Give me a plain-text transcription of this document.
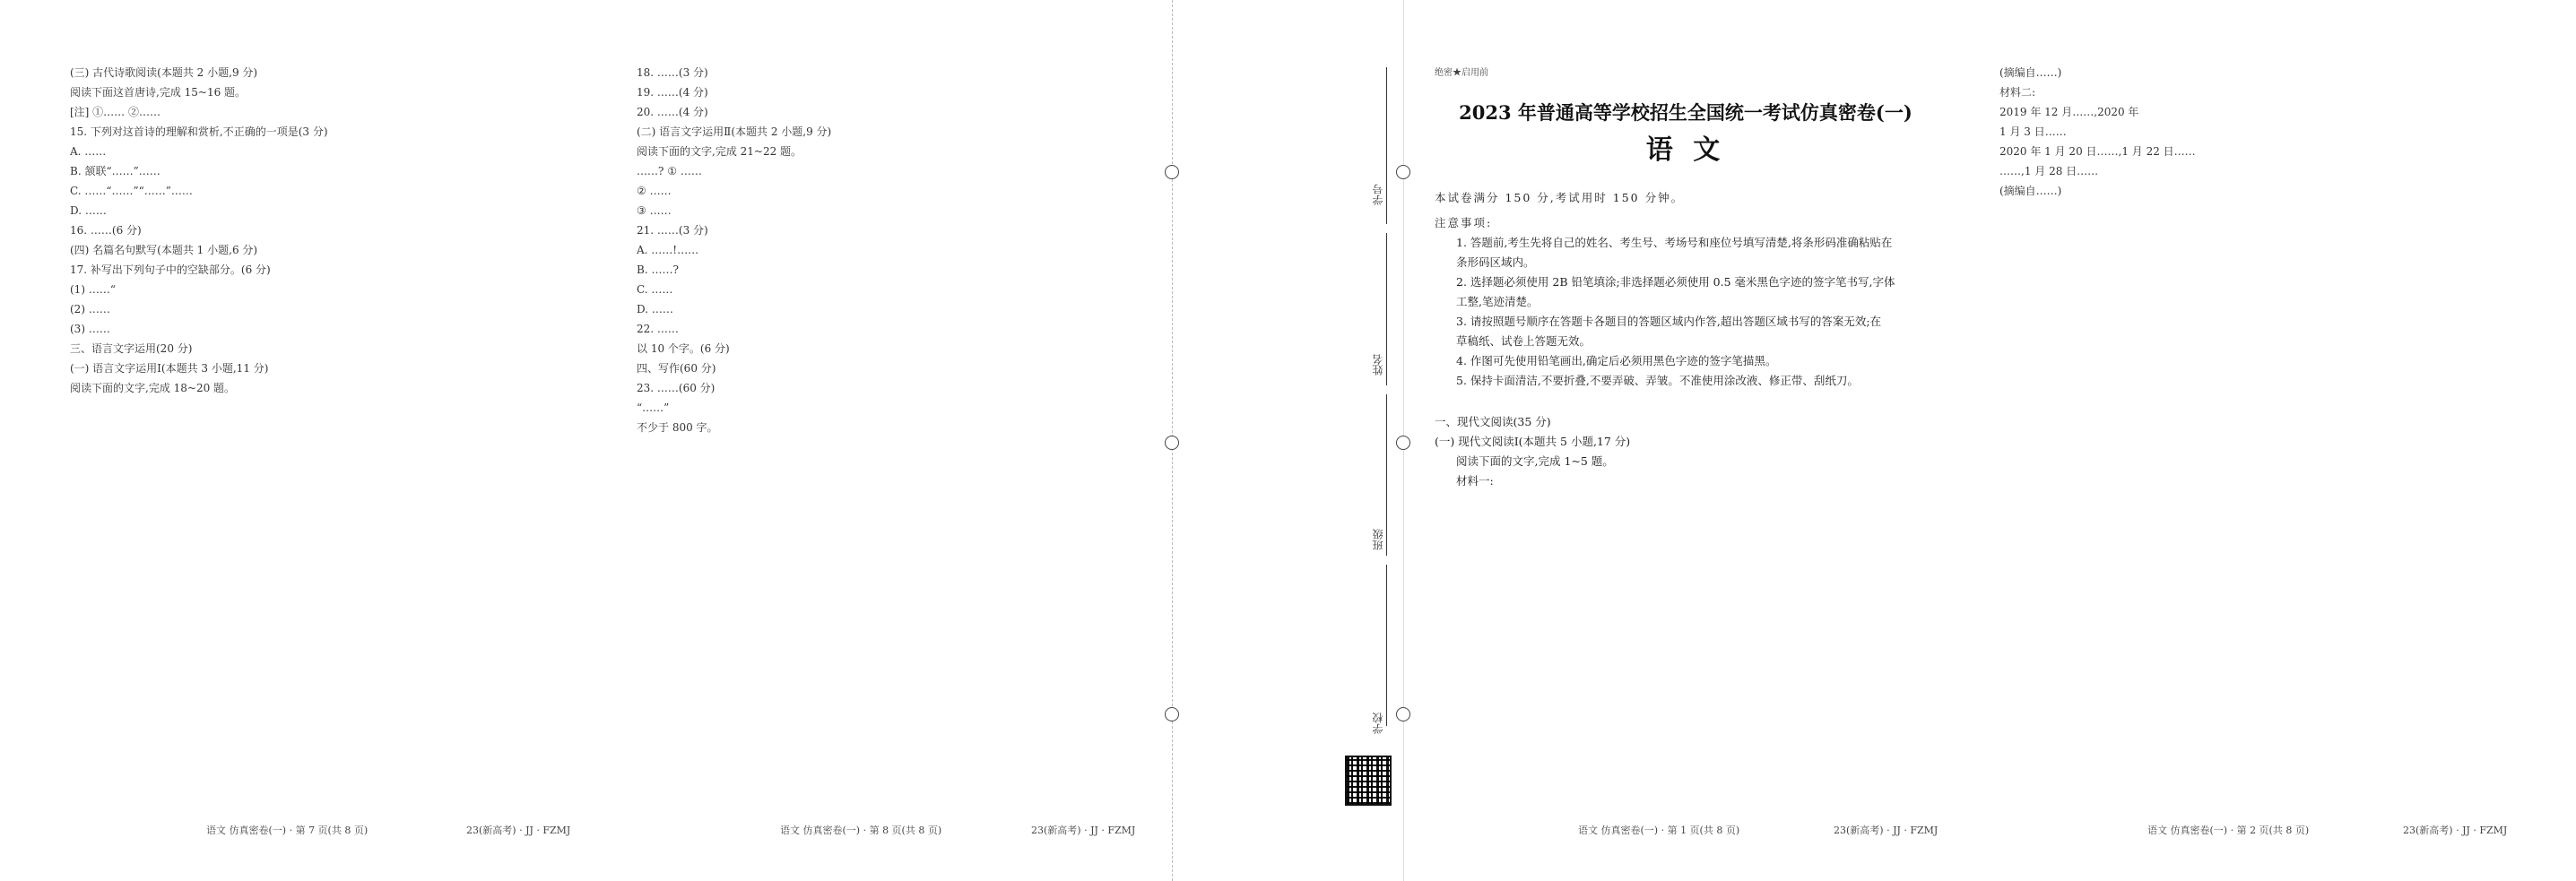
(三) 古代诗歌阅读(本题共 2 小题,9 分)
阅读下面这首唐诗,完成 15~16 题。
[注] ①…… ②……
15. 下列对这首诗的理解和赏析,不正确的一项是(3 分)
A. ……
B. 颔联“……”……
C. ……“……”“……”……
D. ……
16. ……(6 分)
(四) 名篇名句默写(本题共 1 小题,6 分)
17. 补写出下列句子中的空缺部分。(6 分)
(1) ……“
(2) ……
(3) ……
三、语言文字运用(20 分)
(一) 语言文字运用Ⅰ(本题共 3 小题,11 分)
阅读下面的文字,完成 18~20 题。
语文 仿真密卷(一) · 第 7 页(共 8 页)	23(新高考) · JJ · FZMJ
18. ……(3 分)
19. ……(4 分)
20. ……(4 分)
(二) 语言文字运用Ⅱ(本题共 2 小题,9 分)
阅读下面的文字,完成 21~22 题。
……? ① ……
② ……
③ ……
21. ……(3 分)
A. ……!……
B. ……?
C. ……
D. ……
22. ……
以 10 个字。(6 分)
四、写作(60 分)
23. ……(60 分)
“……”
不少于 800 字。
语文 仿真密卷(一) · 第 8 页(共 8 页)	23(新高考) · JJ · FZMJ
学号
姓名
班级
学校
绝密★启用前
2023 年普通高等学校招生全国统一考试仿真密卷(一)
语 文
本试卷满分 150 分,考试用时 150 分钟。
注意事项:
1. 答题前,考生先将自己的姓名、考生号、考场号和座位号填写清楚,将条形码准确粘贴在
条形码区域内。
2. 选择题必须使用 2B 铅笔填涂;非选择题必须使用 0.5 毫米黑色字迹的签字笔书写,字体
工整,笔迹清楚。
3. 请按照题号顺序在答题卡各题目的答题区域内作答,超出答题区域书写的答案无效;在
草稿纸、试卷上答题无效。
4. 作图可先使用铅笔画出,确定后必须用黑色字迹的签字笔描黑。
5. 保持卡面清洁,不要折叠,不要弄破、弄皱。不准使用涂改液、修正带、刮纸刀。
一、现代文阅读(35 分)
(一) 现代文阅读Ⅰ(本题共 5 小题,17 分)
阅读下面的文字,完成 1~5 题。
材料一:
语文 仿真密卷(一) · 第 1 页(共 8 页)	23(新高考) · JJ · FZMJ
(摘编自……)
材料二:
2019 年 12 月……,2020 年
1 月 3 日……
2020 年 1 月 20 日……,1 月 22 日……
……,1 月 28 日……
(摘编自……)
语文 仿真密卷(一) · 第 2 页(共 8 页)	23(新高考) · JJ · FZMJ
